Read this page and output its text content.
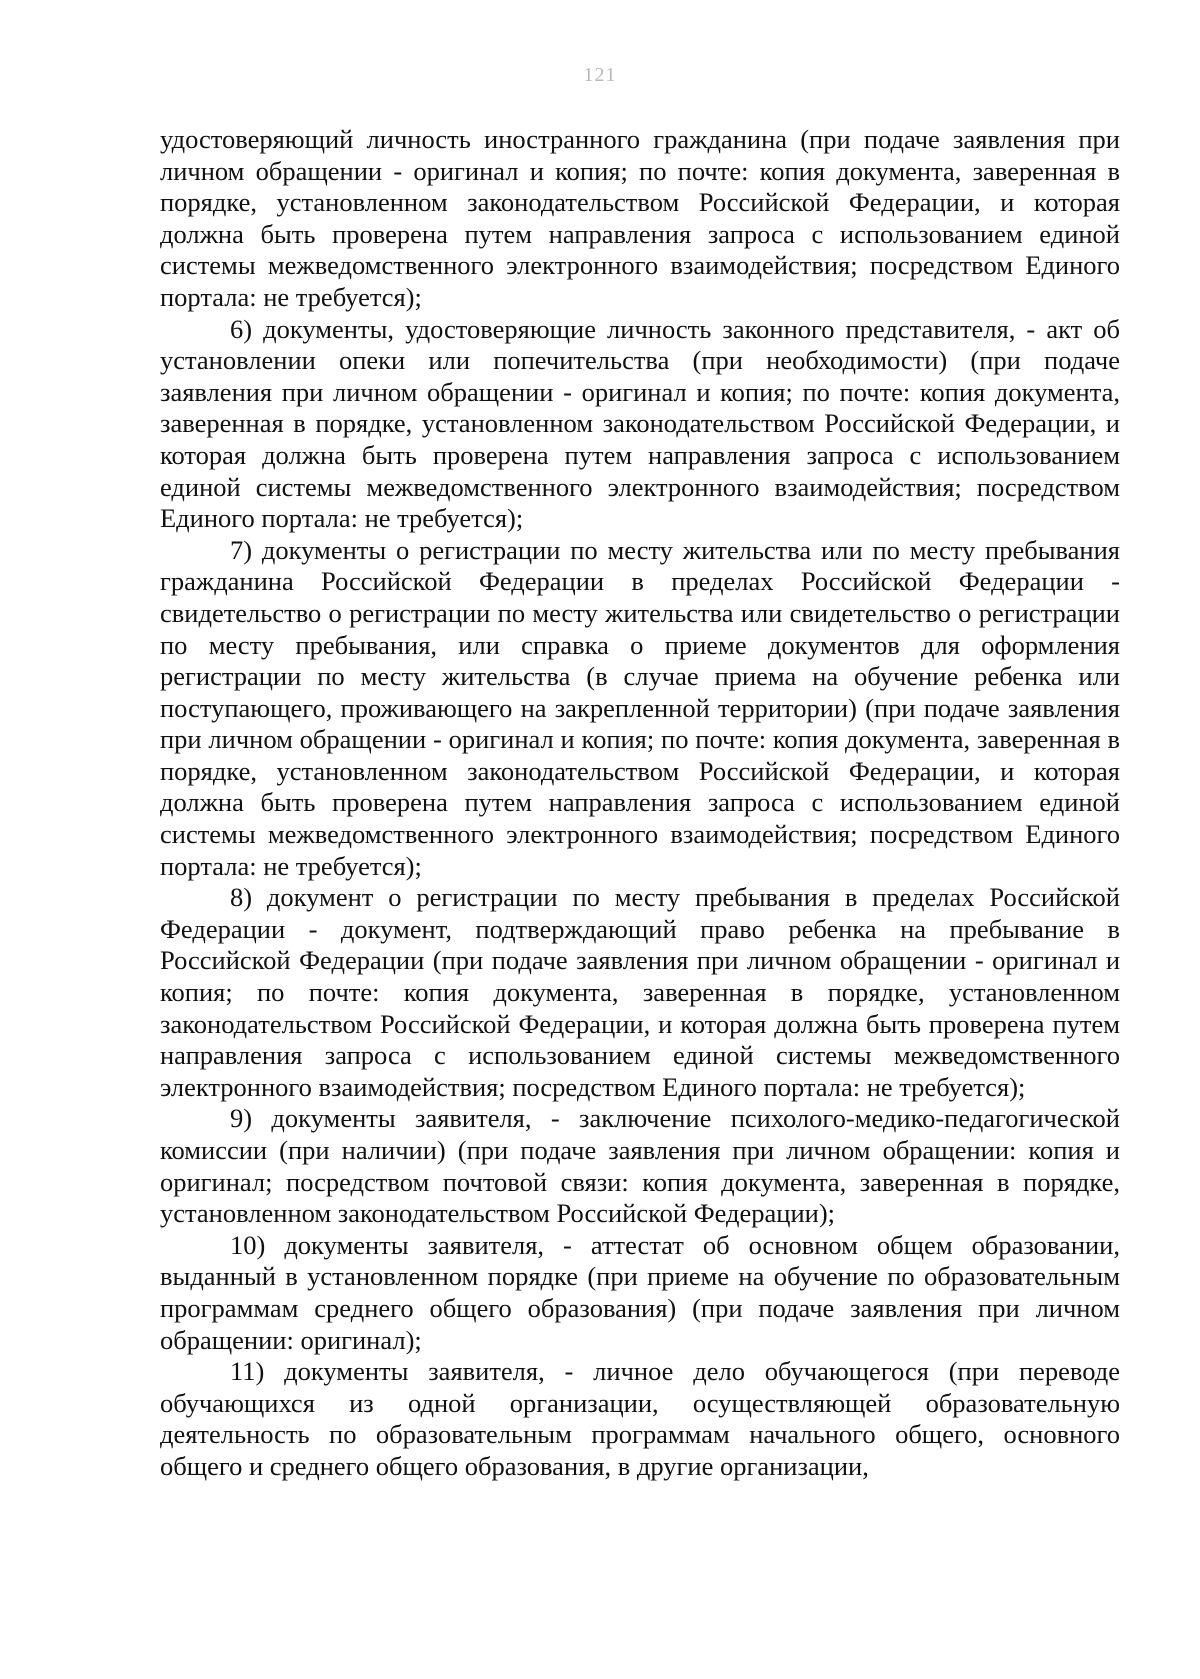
121

удостоверяющий личность иностранного гражданина (при подаче заявления при личном обращении - оригинал и копия; по почте: копия документа, заверенная в порядке, установленном законодательством Российской Федерации, и которая должна быть проверена путем направления запроса с использованием единой системы межведомственного электронного взаимодействия; посредством Единого портала: не требуется);

6) документы, удостоверяющие личность законного представителя, - акт об установлении опеки или попечительства (при необходимости) (при подаче заявления при личном обращении - оригинал и копия; по почте: копия документа, заверенная в порядке, установленном законодательством Российской Федерации, и которая должна быть проверена путем направления запроса с использованием единой системы межведомственного электронного взаимодействия; посредством Единого портала: не требуется);

7) документы о регистрации по месту жительства или по месту пребывания гражданина Российской Федерации в пределах Российской Федерации - свидетельство о регистрации по месту жительства или свидетельство о регистрации по месту пребывания, или справка о приеме документов для оформления регистрации по месту жительства (в случае приема на обучение ребенка или поступающего, проживающего на закрепленной территории) (при подаче заявления при личном обращении - оригинал и копия; по почте: копия документа, заверенная в порядке, установленном законодательством Российской Федерации, и которая должна быть проверена путем направления запроса с использованием единой системы межведомственного электронного взаимодействия; посредством Единого портала: не требуется);

8) документ о регистрации по месту пребывания в пределах Российской Федерации - документ, подтверждающий право ребенка на пребывание в Российской Федерации (при подаче заявления при личном обращении - оригинал и копия; по почте: копия документа, заверенная в порядке, установленном законодательством Российской Федерации, и которая должна быть проверена путем направления запроса с использованием единой системы межведомственного электронного взаимодействия; посредством Единого портала: не требуется);

9) документы заявителя, - заключение психолого-медико-педагогической комиссии (при наличии) (при подаче заявления при личном обращении: копия и оригинал; посредством почтовой связи: копия документа, заверенная в порядке, установленном законодательством Российской Федерации);

10) документы заявителя, - аттестат об основном общем образовании, выданный в установленном порядке (при приеме на обучение по образовательным программам среднего общего образования) (при подаче заявления при личном обращении: оригинал);

11) документы заявителя, - личное дело обучающегося (при переводе обучающихся из одной организации, осуществляющей образовательную деятельность по образовательным программам начального общего, основного общего и среднего общего образования, в другие организации,
